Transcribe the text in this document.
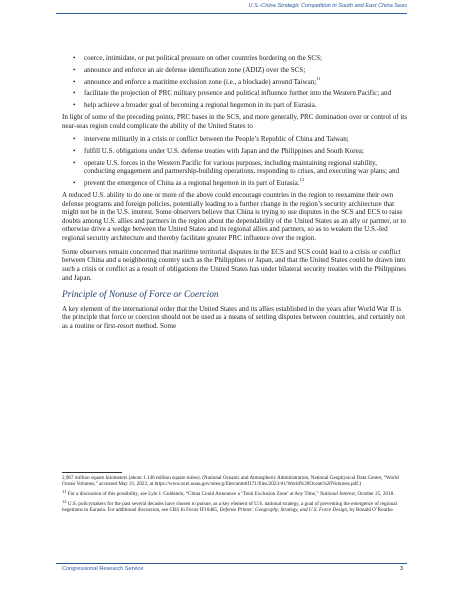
U.S.-China Strategic Competition in South and East China Seas
• coerce, intimidate, or put political pressure on other countries bordering on the SCS;
• announce and enforce an air defense identification zone (ADIZ) over the SCS;
• announce and enforce a maritime exclusion zone (i.e., a blockade) around Taiwan;$^{11}$
• facilitate the projection of PRC military presence and political influence further into the Western Pacific; and
• help achieve a broader goal of becoming a regional hegemon in its part of Eurasia.

In light of some of the preceding points, PRC bases in the SCS, and more generally, PRC domination over or control of its near-seas region could complicate the ability of the United States to

• intervene militarily in a crisis or conflict between the People’s Republic of China and Taiwan;
• fulfill U.S. obligations under U.S. defense treaties with Japan and the Philippines and South Korea;
• operate U.S. forces in the Western Pacific for various purposes, including maintaining regional stability, conducting engagement and partnership-building operations, responding to crises, and executing war plans; and
• prevent the emergence of China as a regional hegemon in its part of Eurasia.$^{12}$

A reduced U.S. ability to do one or more of the above could encourage countries in the region to reexamine their own defense programs and foreign policies, potentially leading to a further change in the region’s security architecture that might not be in the U.S. interest. Some observers believe that China is trying to use disputes in the SCS and ECS to raise doubts among U.S. allies and partners in the region about the dependability of the United States as an ally or partner, or to otherwise drive a wedge between the United States and its regional allies and partners, so as to weaken the U.S.-led regional security architecture and thereby facilitate greater PRC influence over the region.

Some observers remain concerned that maritime territorial disputes in the ECS and SCS could lead to a crisis or conflict between China and a neighboring country such as the Philippines or Japan, and that the United States could be drawn into such a crisis or conflict as a result of obligations the United States has under bilateral security treaties with the Philippines and Japan.

Principle of Nonuse of Force or Coercion

A key element of the international order that the United States and its allies established in the years after World War II is the principle that force or coercion should not be used as a means of settling disputes between countries, and certainly not as a routine or first-resort method. Some

2,967 million square kilometers (about 1.146 million square miles). (National Oceanic and Atmospheric Administration, National Geophysical Data Center, “World Ocean Volumes,” accessed May 31, 2023, at https://www.ncei.noaa.gov/sites/g/files/anmtlf171/files/2023-01/World%20Ocean%20Volumes.pdf.)

$^{11}$ For a discussion of this possibility, see Lyle J. Goldstein, “China Could Announce a ‘Total Exclusion Zone’ at Any Time,” National Interest, October 25, 2018.

$^{12}$ U.S. policymakers for the past several decades have chosen to pursue, as a key element of U.S. national strategy, a goal of preventing the emergence of regional hegemons in Eurasia. For additional discussion, see CRS In Focus IF10485, Defense Primer: Geography, Strategy, and U.S. Force Design, by Ronald O’Rourke.

Congressional Research Service	3
